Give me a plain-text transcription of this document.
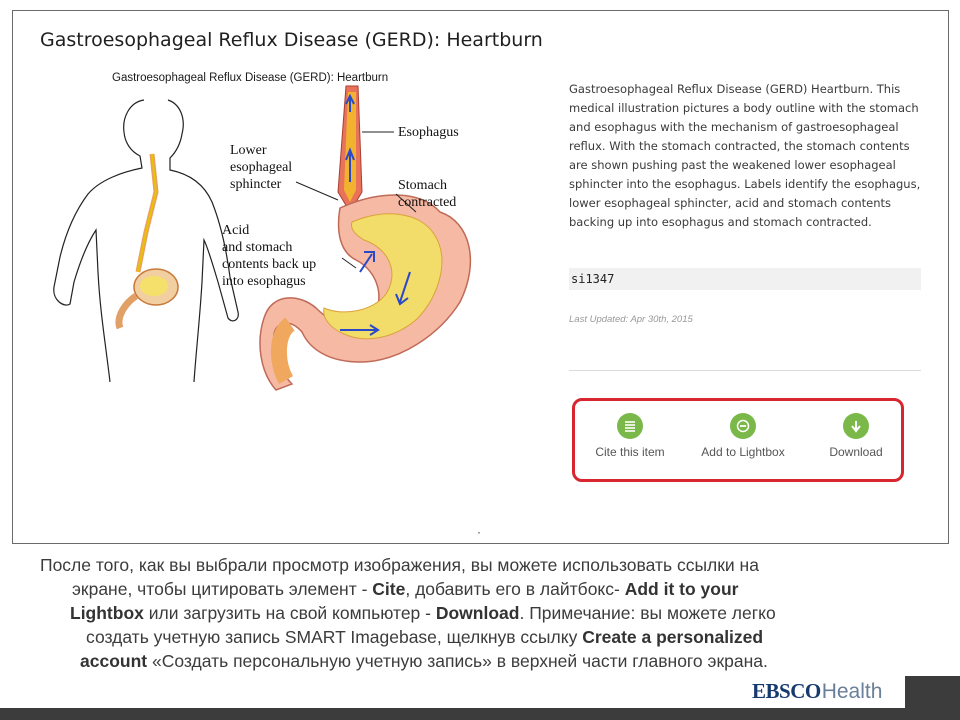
Gastroesophageal Reflux Disease (GERD): Heartburn
Gastroesophageal Reflux Disease (GERD): Heartburn
Lower
esophageal
sphincter
Acid
and stomach
contents back up
into esophagus
Esophagus
Stomach
contracted

Gastroesophageal Reflux Disease (GERD) Heartburn. This medical illustration pictures a body outline with the stomach and esophagus with the mechanism of gastroesophageal reflux. With the stomach contracted, the stomach contents are shown pushing past the weakened lower esophageal sphincter into the esophagus. Labels identify the esophagus, lower esophageal sphincter, acid and stomach contents backing up into esophagus and stomach contracted.

si1347
Last Updated: Apr 30th, 2015
Cite this item	Add to Lightbox	Download
·

После того, как вы выбрали просмотр изображения, вы можете использовать ссылки на
экране, чтобы цитировать элемент - Cite, добавить его в лайтбокс- Add it to your
Lightbox или загрузить на свой компьютер - Download. Примечание: вы можете легко
создать учетную запись SMART Imagebase, щелкнув ссылку Create a personalized
account «Создать персональную учетную запись» в верхней части главного экрана.

EBSCOHealth
